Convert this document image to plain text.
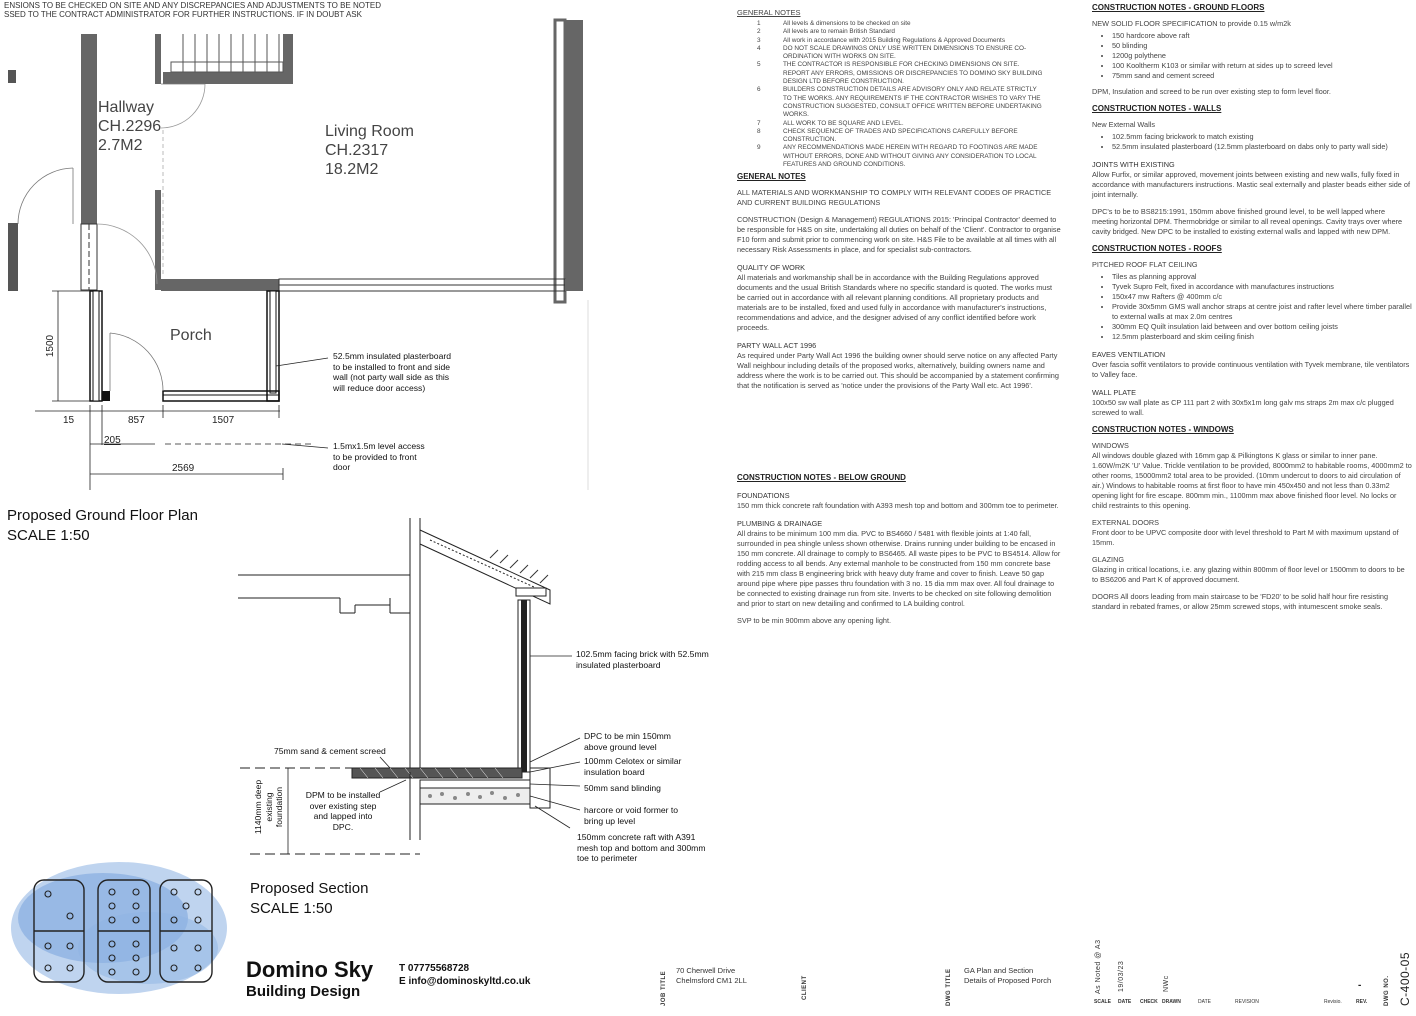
ENSIONS TO BE CHECKED ON SITE AND ANY DISCREPANCIES AND ADJUSTMENTS TO BE NOTED
SSED TO THE CONTRACT ADMINISTRATOR FOR FURTHER INSTRUCTIONS. IF IN DOUBT ASK
1500
15	857	1507
205
2569
Hallway
CH.2296
2.7M2
Living Room
CH.2317
18.2M2
Porch
52.5mm insulated plasterboard to be installed to front and side wall (not party wall side as this will reduce door access)
1.5mx1.5m level access to be provided to front door
Proposed Ground Floor Plan
SCALE 1:50
102.5mm facing brick with 52.5mm insulated plasterboard
DPC to be min 150mm above ground level
100mm Celotex or similar insulation board
50mm sand blinding
harcore or void former to bring up level
150mm concrete raft with A391 mesh top and bottom and 300mm toe to perimeter
75mm sand & cement screed
DPM to be installed over existing step and lapped into DPC.
1140mm deep existing foundation
Proposed Section
SCALE 1:50
Domino Sky
Building Design
T 07775568728
E info@dominoskyltd.co.uk
GENERAL NOTES
1	All levels & dimensions to be checked on site
2	All levels are to remain British Standard
3	All work in accordance with 2015 Building Regulations & Approved Documents
4	DO NOT SCALE DRAWINGS ONLY USE WRITTEN DIMENSIONS TO ENSURE CO-ORDINATION WITH WORKS ON SITE.
5	THE CONTRACTOR IS RESPONSIBLE FOR CHECKING DIMENSIONS ON SITE. REPORT ANY ERRORS, OMISSIONS OR DISCREPANCIES TO DOMINO SKY BUILDING DESIGN LTD BEFORE CONSTRUCTION.
6	BUILDERS CONSTRUCTION DETAILS ARE ADVISORY ONLY AND RELATE STRICTLY TO THE WORKS. ANY REQUIREMENTS IF THE CONTRACTOR WISHES TO VARY THE CONSTRUCTION SUGGESTED, CONSULT OFFICE WRITTEN BEFORE UNDERTAKING WORKS.
7	ALL WORK TO BE SQUARE AND LEVEL.
8	CHECK SEQUENCE OF TRADES AND SPECIFICATIONS CAREFULLY BEFORE CONSTRUCTION.
9	ANY RECOMMENDATIONS MADE HEREIN WITH REGARD TO FOOTINGS ARE MADE WITHOUT ERRORS, DONE AND WITHOUT GIVING ANY CONSIDERATION TO LOCAL FEATURES AND GROUND CONDITIONS.
GENERAL NOTES

ALL MATERIALS AND WORKMANSHIP TO COMPLY WITH RELEVANT CODES OF PRACTICE AND CURRENT BUILDING REGULATIONS

CONSTRUCTION (Design & Management) REGULATIONS 2015: 'Principal Contractor' deemed to be responsible for H&S on site, undertaking all duties on behalf of the 'Client'. Contractor to organise F10 form and submit prior to commencing work on site. H&S File to be available at all times with all necessary Risk Assessments in place, and for specialist sub-contractors.

QUALITY OF WORK

All materials and workmanship shall be in accordance with the Building Regulations approved documents and the usual British Standards where no specific standard is quoted. The works must be carried out in accordance with all relevant planning conditions. All proprietary products and materials are to be installed, fixed and used fully in accordance with manufacturer's instructions, recommendations and advice, and the designer advised of any conflict identified before work proceeds.

PARTY WALL ACT 1996

As required under Party Wall Act 1996 the building owner should serve notice on any affected Party Wall neighbour including details of the proposed works, alternatively, building owners name and address where the work is to be carried out. This should be accompanied by a statement confirming that the notification is served as 'notice under the provisions of the Party Wall etc. Act 1996'.

CONSTRUCTION NOTES - BELOW GROUND
FOUNDATIONS

150 mm thick concrete raft foundation with A393 mesh top and bottom and 300mm toe to perimeter.

PLUMBING & DRAINAGE

All drains to be minimum 100 mm dia. PVC to BS4660 / 5481 with flexible joints at 1:40 fall, surrounded in pea shingle unless shown otherwise. Drains running under building to be encased in 150 mm concrete. All drainage to comply to BS6465. All waste pipes to be PVC to BS4514. Allow for rodding access to all bends. Any external manhole to be constructed from 150 mm concrete base with 215 mm class B engineering brick with heavy duty frame and cover to finish. Leave 50 gap around pipe where pipe passes thru foundation with 3 no. 15 dia mm max over. All foul drainage to be connected to existing drainage run from site. Inverts to be checked on site following demolition and prior to start on new detailing and confirmed to LA building control.

SVP to be min 900mm above any opening light.

CONSTRUCTION NOTES - GROUND FLOORS
NEW SOLID FLOOR SPECIFICATION to provide 0.15 w/m2k
• 150 hardcore above raft
• 50 blinding
• 1200g polythene
• 100 Kooltherm K103 or similar with return at sides up to screed level
• 75mm sand and cement screed

DPM, Insulation and screed to be run over existing step to form level floor.

CONSTRUCTION NOTES - WALLS
New External Walls
• 102.5mm facing brickwork to match existing
• 52.5mm insulated plasterboard (12.5mm plasterboard on dabs only to party wall side)
JOINTS WITH EXISTING

Allow Furfix, or similar approved, movement joints between existing and new walls, fully fixed in accordance with manufacturers instructions. Mastic seal externally and plaster beads either side of joint internally.

DPC's to be to BS8215:1991, 150mm above finished ground level, to be well lapped where meeting horizontal DPM. Thermobridge or similar to all reveal openings. Cavity trays over where cavity bridged. New DPC to be installed to existing external walls and lapped with new DPM.

CONSTRUCTION NOTES - ROOFS
PITCHED ROOF FLAT CEILING
• Tiles as planning approval
• Tyvek Supro Felt, fixed in accordance with manufactures instructions
• 150x47 mw Rafters @ 400mm c/c
• Provide 30x5mm GMS wall anchor straps at centre joist and rafter level where timber parallel to external walls at max 2.0m centres
• 300mm EQ Quilt insulation laid between and over bottom ceiling joists
• 12.5mm plasterboard and skim ceiling finish
EAVES VENTILATION

Over fascia soffit ventilators to provide continuous ventilation with Tyvek membrane, tile ventilators to Valley face.

WALL PLATE

100x50 sw wall plate as CP 111 part 2 with 30x5x1m long galv ms straps 2m max c/c plugged screwed to wall.

CONSTRUCTION NOTES - WINDOWS
WINDOWS

All windows double glazed with 16mm gap & Pilkingtons K glass or similar to inner pane. 1.60W/m2K 'U' Value. Trickle ventilation to be provided, 8000mm2 to habitable rooms, 4000mm2 to other rooms, 15000mm2 total area to be provided. (10mm undercut to doors to aid circulation of air.) Windows to habitable rooms at first floor to have min 450x450 and not less than 0.33m2 opening light for fire escape. 800mm min., 1100mm max above finished floor level. No locks or child restraints to this opening.

EXTERNAL DOORS

Front door to be UPVC composite door with level threshold to Part M with maximum upstand of 15mm.

GLAZING

Glazing in critical locations, i.e. any glazing within 800mm of floor level or 1500mm to doors to be to BS6206 and Part K of approved document.

DOORS All doors leading from main staircase to be 'FD20' to be solid half hour fire resisting standard in rebated frames, or allow 25mm screwed stops, with intumescent smoke seals.

JOB TITLE
70 Cherwell Drive
Chelmsford CM1 2LL	CLIENT	DWG TITLE GA Plan and Section
Details of Proposed Porch	As Noted @ A3 19/03/23	NWc
SCALE DATE CHECK DRAWN	DATE	REVISION	Revisio.	REV.
-	DWG NO. C-400-05
